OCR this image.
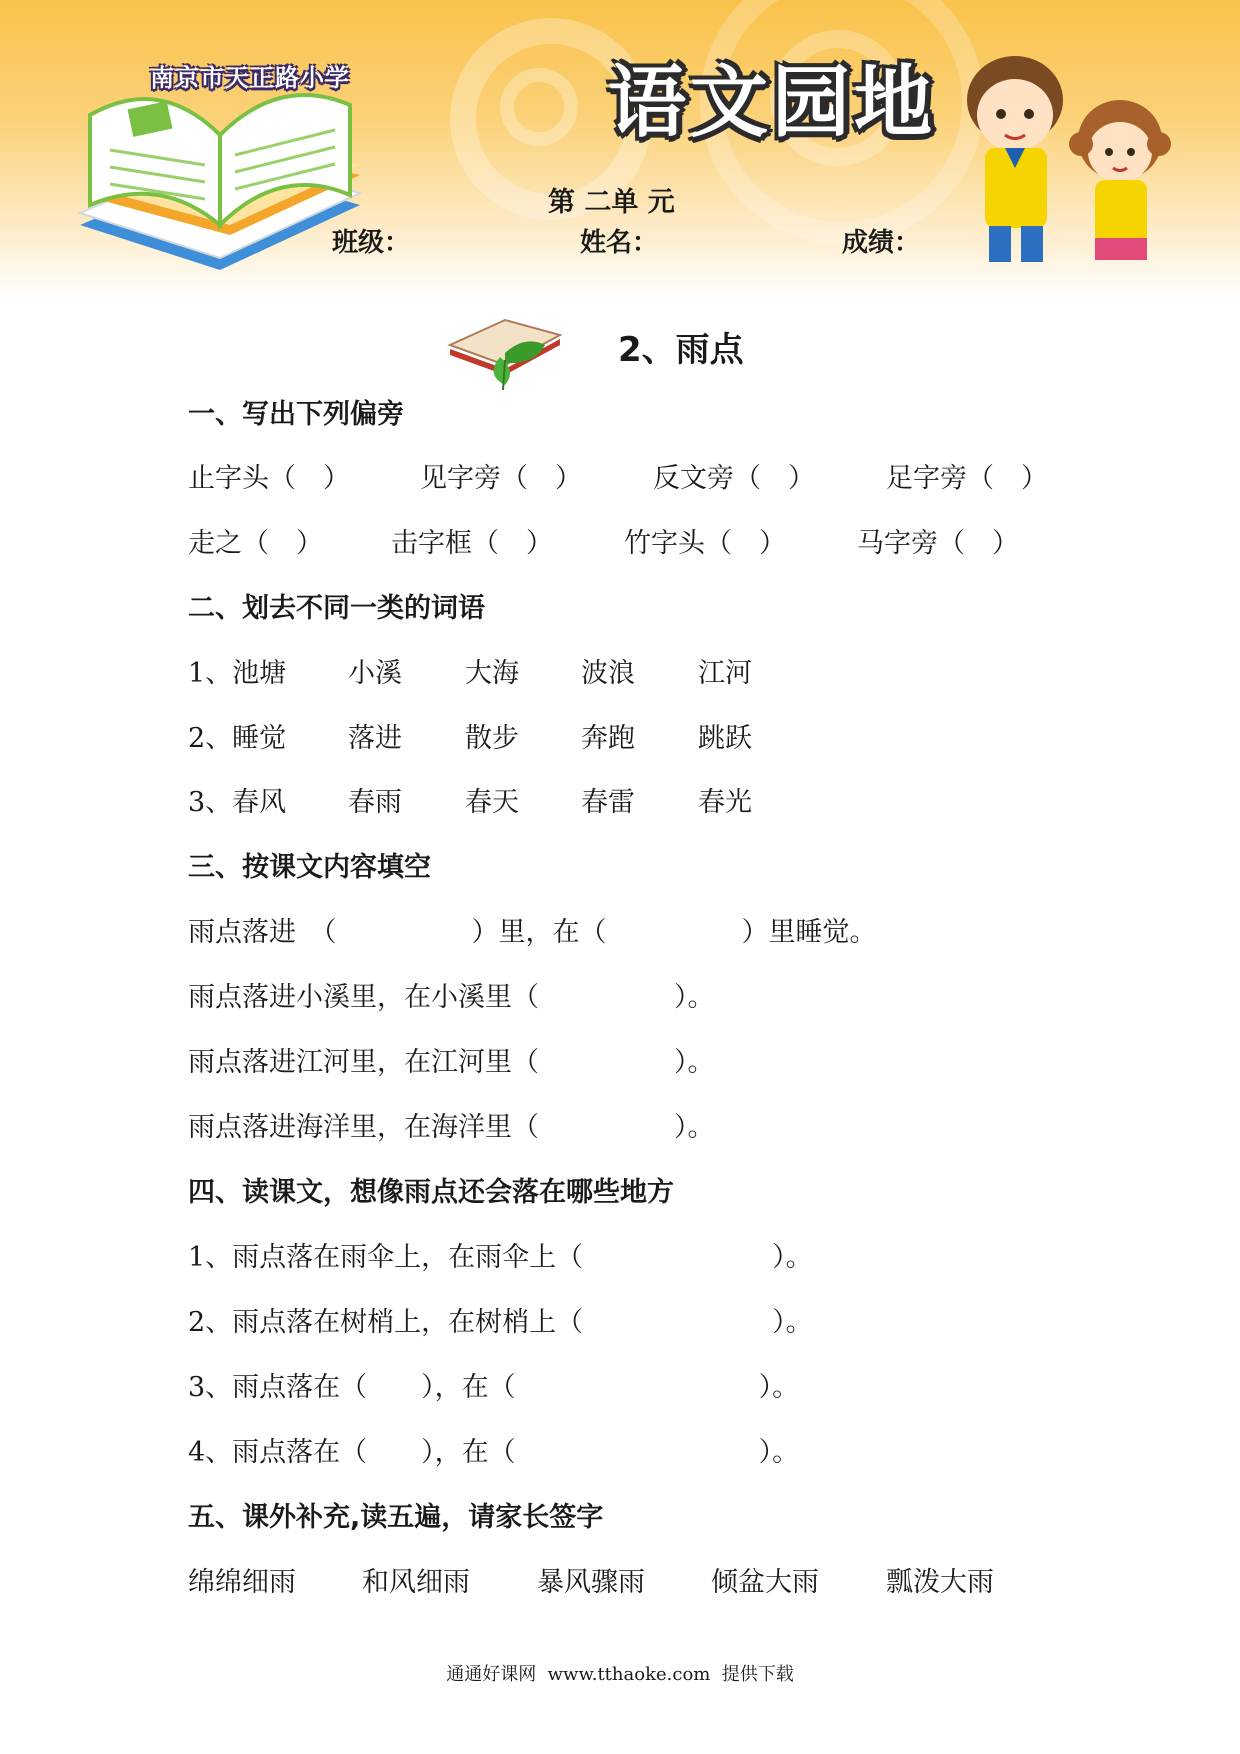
南京市天正路小学	语文园地
第 二单 元
班级：	姓名：	成绩：
2、雨点
一、写出下列偏旁
止字头（　）	见字旁（　）	反文旁（　）	足字旁（　）
走之（　）	击字框（　）	竹字头（　）	马字旁（　）
二、划去不同一类的词语
1、池塘 小溪 大海 波浪 江河
2、睡觉 落进 散步 奔跑 跳跃
3、春风 春雨 春天 春雷 春光
三、按课文内容填空
雨点落进　（　　　　　）里，在（　　　　　）里睡觉。
雨点落进小溪里，在小溪里（　　　　　）。
雨点落进江河里，在江河里（　　　　　）。
雨点落进海洋里，在海洋里（　　　　　）。
四、读课文，想像雨点还会落在哪些地方
1、雨点落在雨伞上，在雨伞上（　　　　　　　）。
2、雨点落在树梢上，在树梢上（　　　　　　　）。
3、雨点落在（　　），在（　　　　　　　　　）。
4、雨点落在（　　），在（　　　　　　　　　）。
五、课外补充,读五遍，请家长签字
绵绵细雨 和风细雨 暴风骤雨 倾盆大雨 瓢泼大雨
通通好课网  www.tthaoke.com  提供下载
